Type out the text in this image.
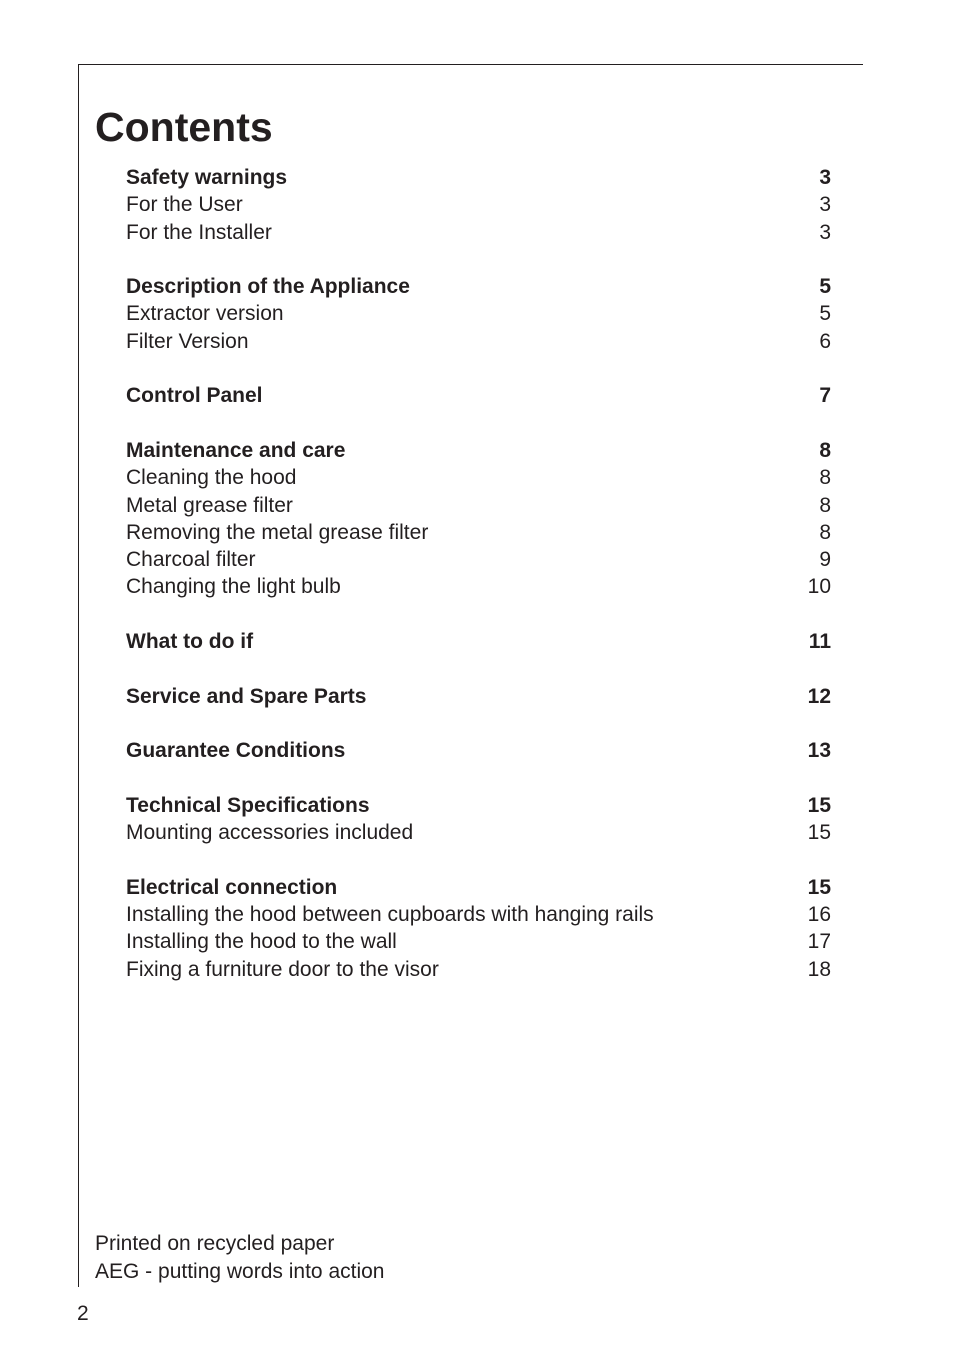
Contents
Safety warnings	3
For the User	3
For the Installer	3
Description of the Appliance	5
Extractor version	5
Filter Version	6
Control Panel	7
Maintenance and care	8
Cleaning the hood	8
Metal grease filter	8
Removing the metal grease filter	8
Charcoal filter	9
Changing the light bulb	10
What to do if	11
Service and Spare Parts	12
Guarantee Conditions	13
Technical Specifications	15
Mounting accessories included	15
Electrical connection	15
Installing the hood between cupboards with hanging rails	16
Installing the hood to the wall	17
Fixing a furniture door to the visor	18
Printed on recycled paper
AEG - putting words into action
2
